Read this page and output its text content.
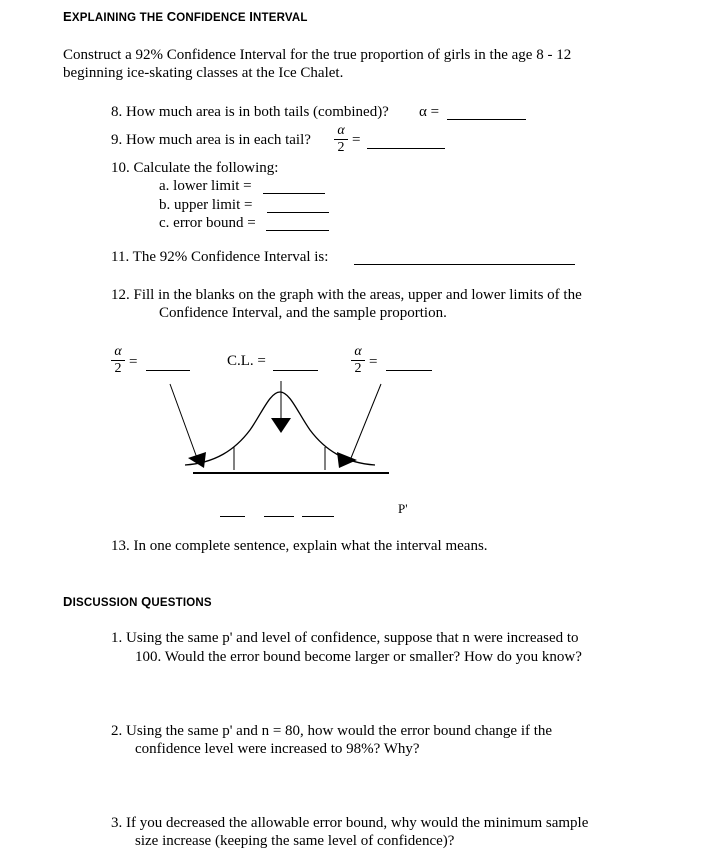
EXPLAINING THE CONFIDENCE INTERVAL
Construct a 92% Confidence Interval for the true proportion of girls in the age 8 - 12
beginning ice-skating classes at the Ice Chalet.
8. How much area is in both tails (combined)? α =
9. How much area is in each tail?
α
2 =
10. Calculate the following:
a. lower limit =
b. upper limit =
c. error bound =
11. The 92% Confidence Interval is:
12. Fill in the blanks on the graph with the areas, upper and lower limits of the
Confidence Interval, and the sample proportion.
α
2 =	C.L. =
α
2 =
P'
13. In one complete sentence, explain what the interval means.
DISCUSSION QUESTIONS
1. Using the same p' and level of confidence, suppose that n were increased to
100. Would the error bound become larger or smaller? How do you know?
2. Using the same p' and n = 80, how would the error bound change if the
confidence level were increased to 98%? Why?
3. If you decreased the allowable error bound, why would the minimum sample
size increase (keeping the same level of confidence)?
